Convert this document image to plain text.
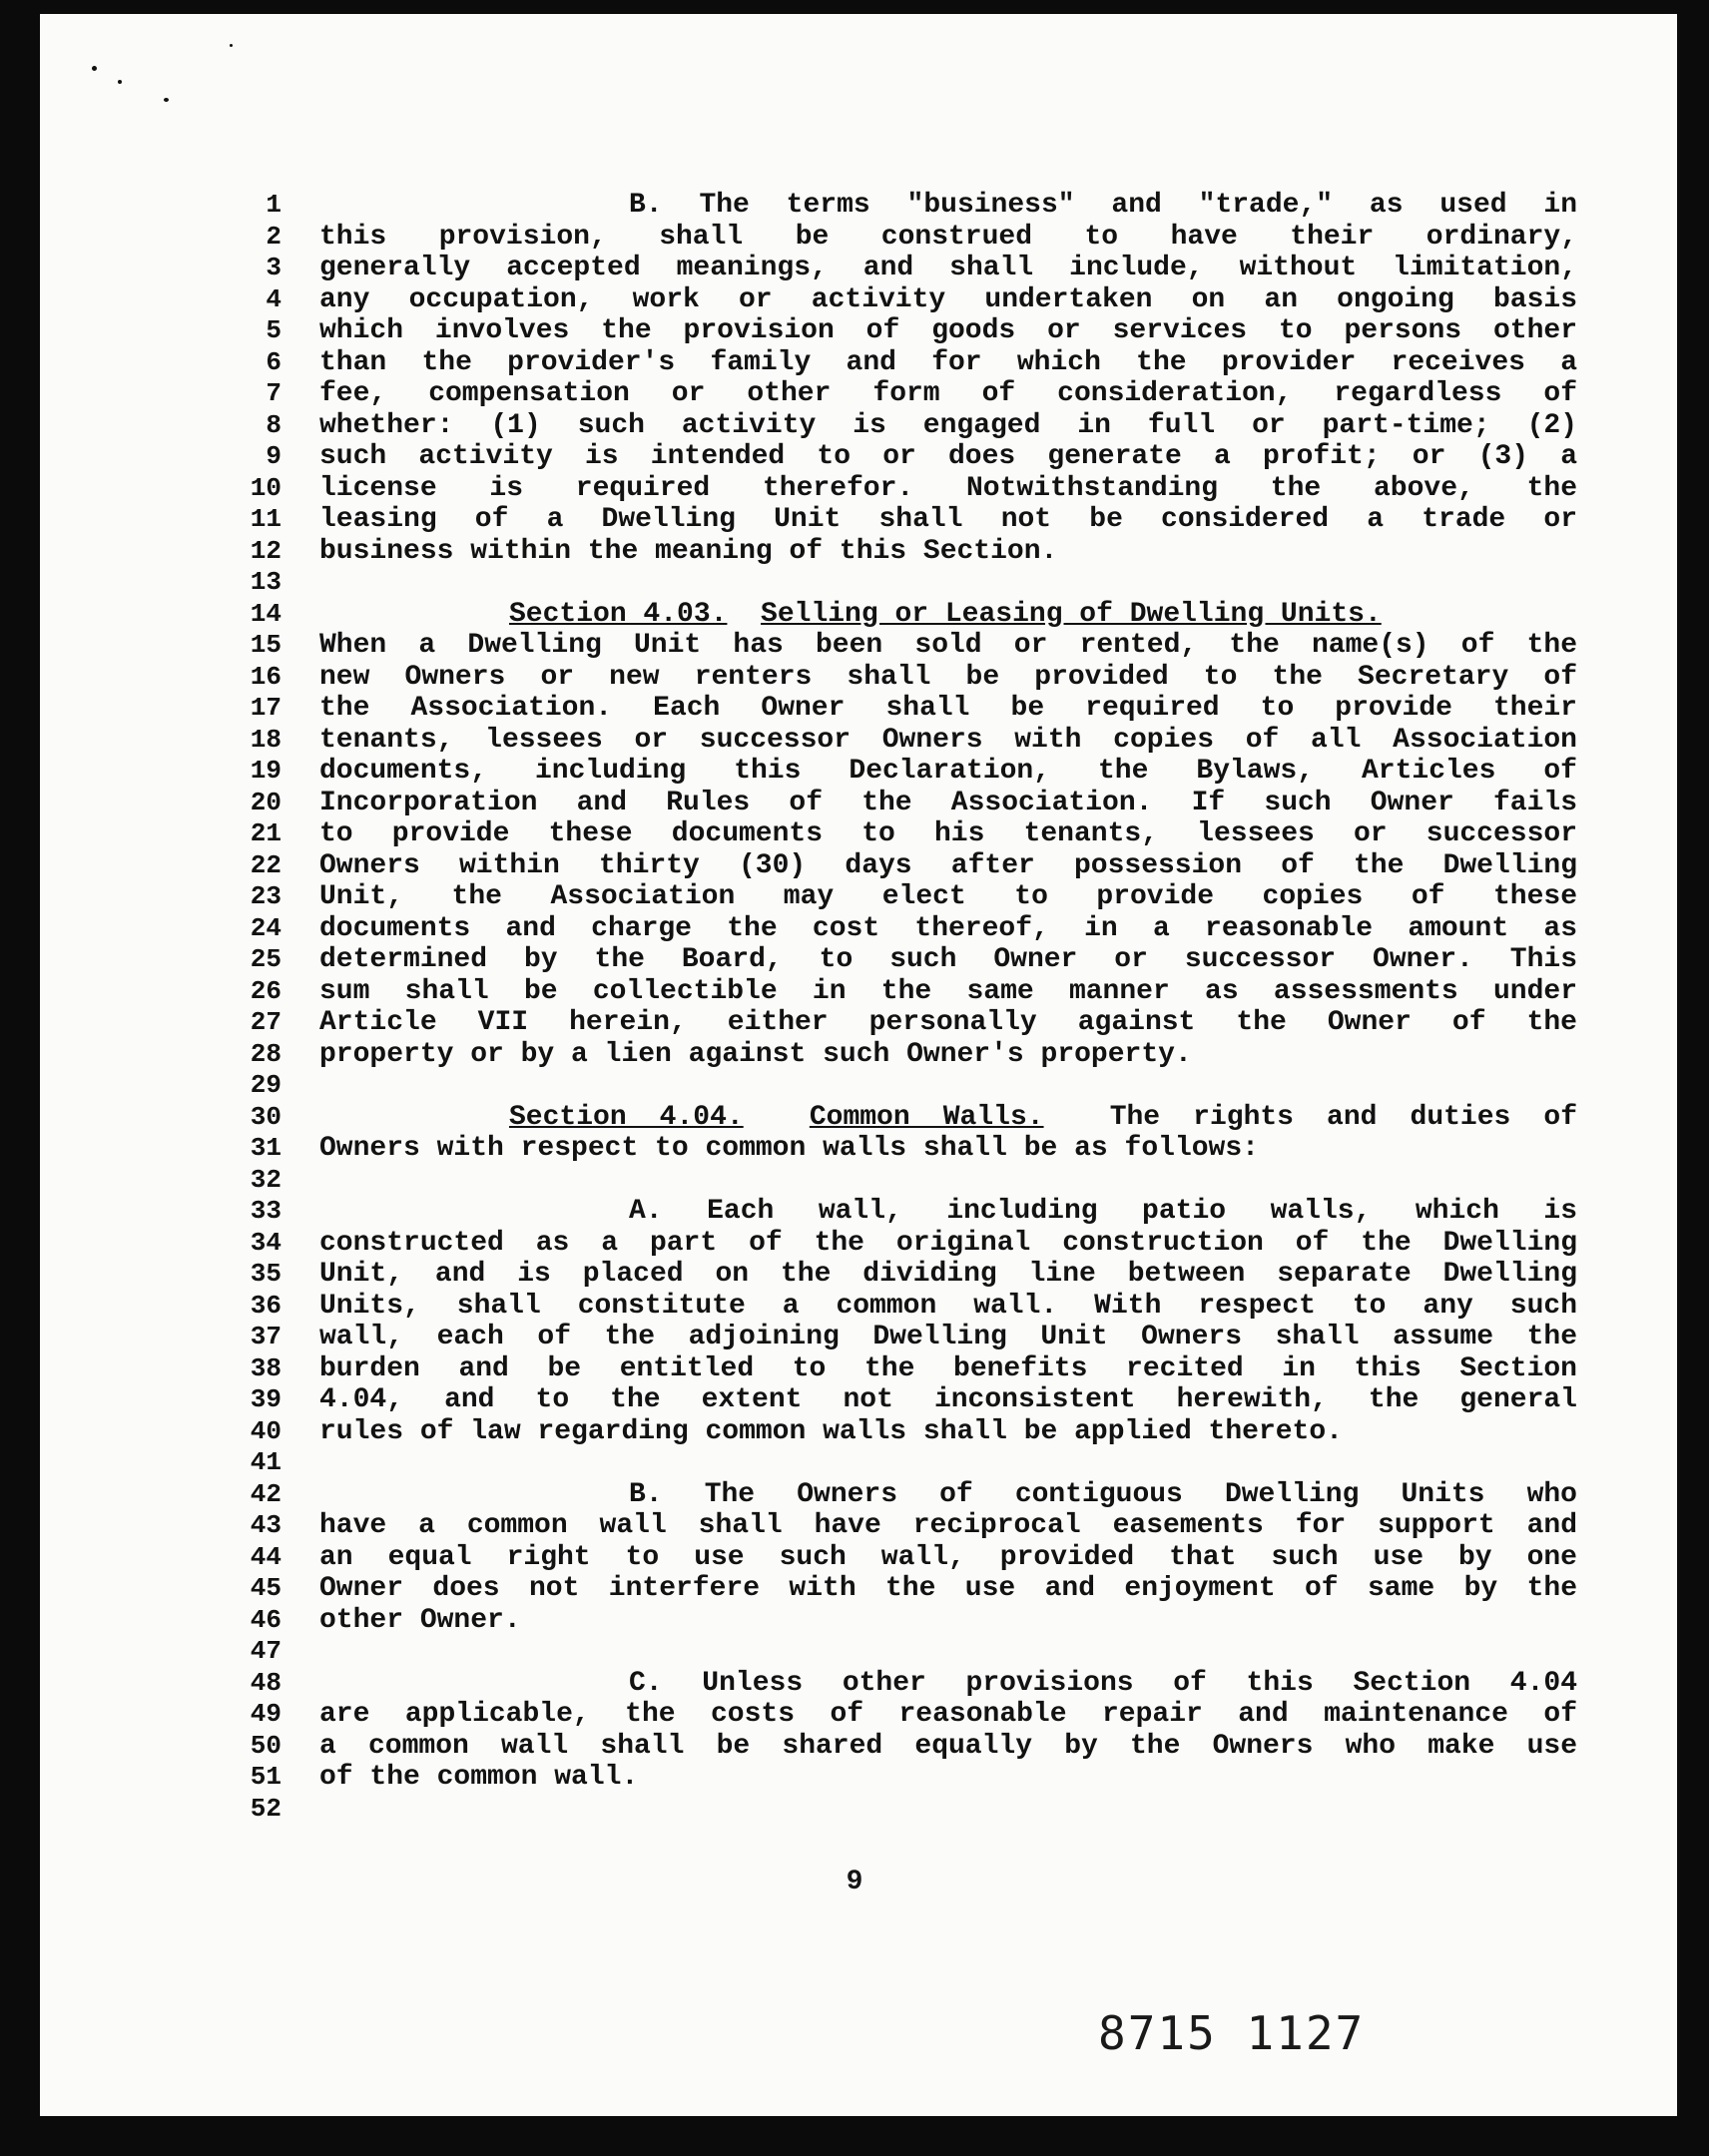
1	B. The terms "business" and "trade," as used in
2 this provision, shall be construed to have their ordinary,
3 generally accepted meanings, and shall include, without limitation,
4 any occupation, work or activity undertaken on an ongoing basis
5 which involves the provision of goods or services to persons other
6 than the provider's family and for which the provider receives a
7 fee, compensation or other form of consideration, regardless of
8 whether: (1) such activity is engaged in full or part-time; (2)
9 such activity is intended to or does generate a profit; or (3) a
10 license is required therefor. Notwithstanding the above, the
11 leasing of a Dwelling Unit shall not be considered a trade or
12 business within the meaning of this Section.
13
14	Section 4.03. Selling or Leasing of Dwelling Units.
15 When a Dwelling Unit has been sold or rented, the name(s) of the
16 new Owners or new renters shall be provided to the Secretary of
17 the Association. Each Owner shall be required to provide their
18 tenants, lessees or successor Owners with copies of all Association
19 documents, including this Declaration, the Bylaws, Articles of
20 Incorporation and Rules of the Association. If such Owner fails
21 to provide these documents to his tenants, lessees or successor
22 Owners within thirty (30) days after possession of the Dwelling
23 Unit, the Association may elect to provide copies of these
24 documents and charge the cost thereof, in a reasonable amount as
25 determined by the Board, to such Owner or successor Owner. This
26 sum shall be collectible in the same manner as assessments under
27 Article VII herein, either personally against the Owner of the
28 property or by a lien against such Owner's property.
29
30	Section 4.04. Common Walls. The rights and duties of
31 Owners with respect to common walls shall be as follows:
32
33	A. Each wall, including patio walls, which is
34 constructed as a part of the original construction of the Dwelling
35 Unit, and is placed on the dividing line between separate Dwelling
36 Units, shall constitute a common wall. With respect to any such
37 wall, each of the adjoining Dwelling Unit Owners shall assume the
38 burden and be entitled to the benefits recited in this Section
39 4.04, and to the extent not inconsistent herewith, the general
40 rules of law regarding common walls shall be applied thereto.
41
42	B. The Owners of contiguous Dwelling Units who
43 have a common wall shall have reciprocal easements for support and
44 an equal right to use such wall, provided that such use by one
45 Owner does not interfere with the use and enjoyment of same by the
46 other Owner.
47
48	C. Unless other provisions of this Section 4.04
49 are applicable, the costs of reasonable repair and maintenance of
50 a common wall shall be shared equally by the Owners who make use
51 of the common wall.
52
9
8715 1127
